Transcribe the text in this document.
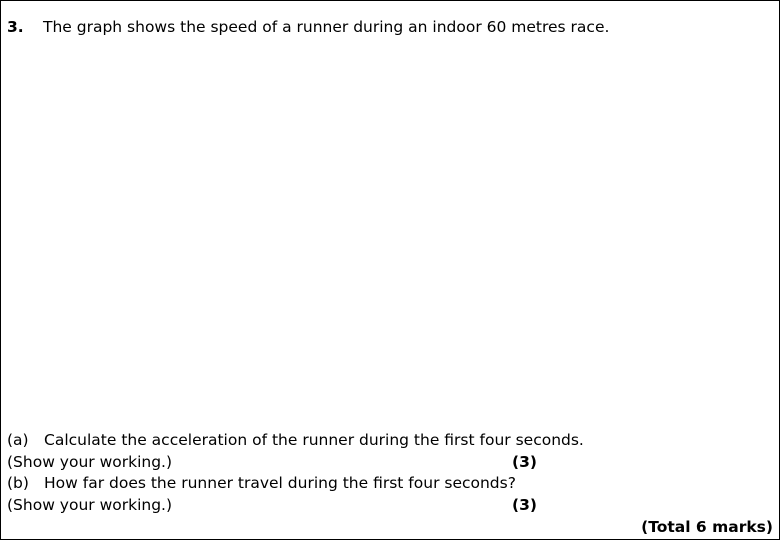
3. The graph shows the speed of a runner during an indoor 60 metres race.
(a) Calculate the acceleration of the runner during the first four seconds.
(Show your working.)	(3)
(b) How far does the runner travel during the first four seconds?
(Show your working.)	(3)
(Total 6 marks)
